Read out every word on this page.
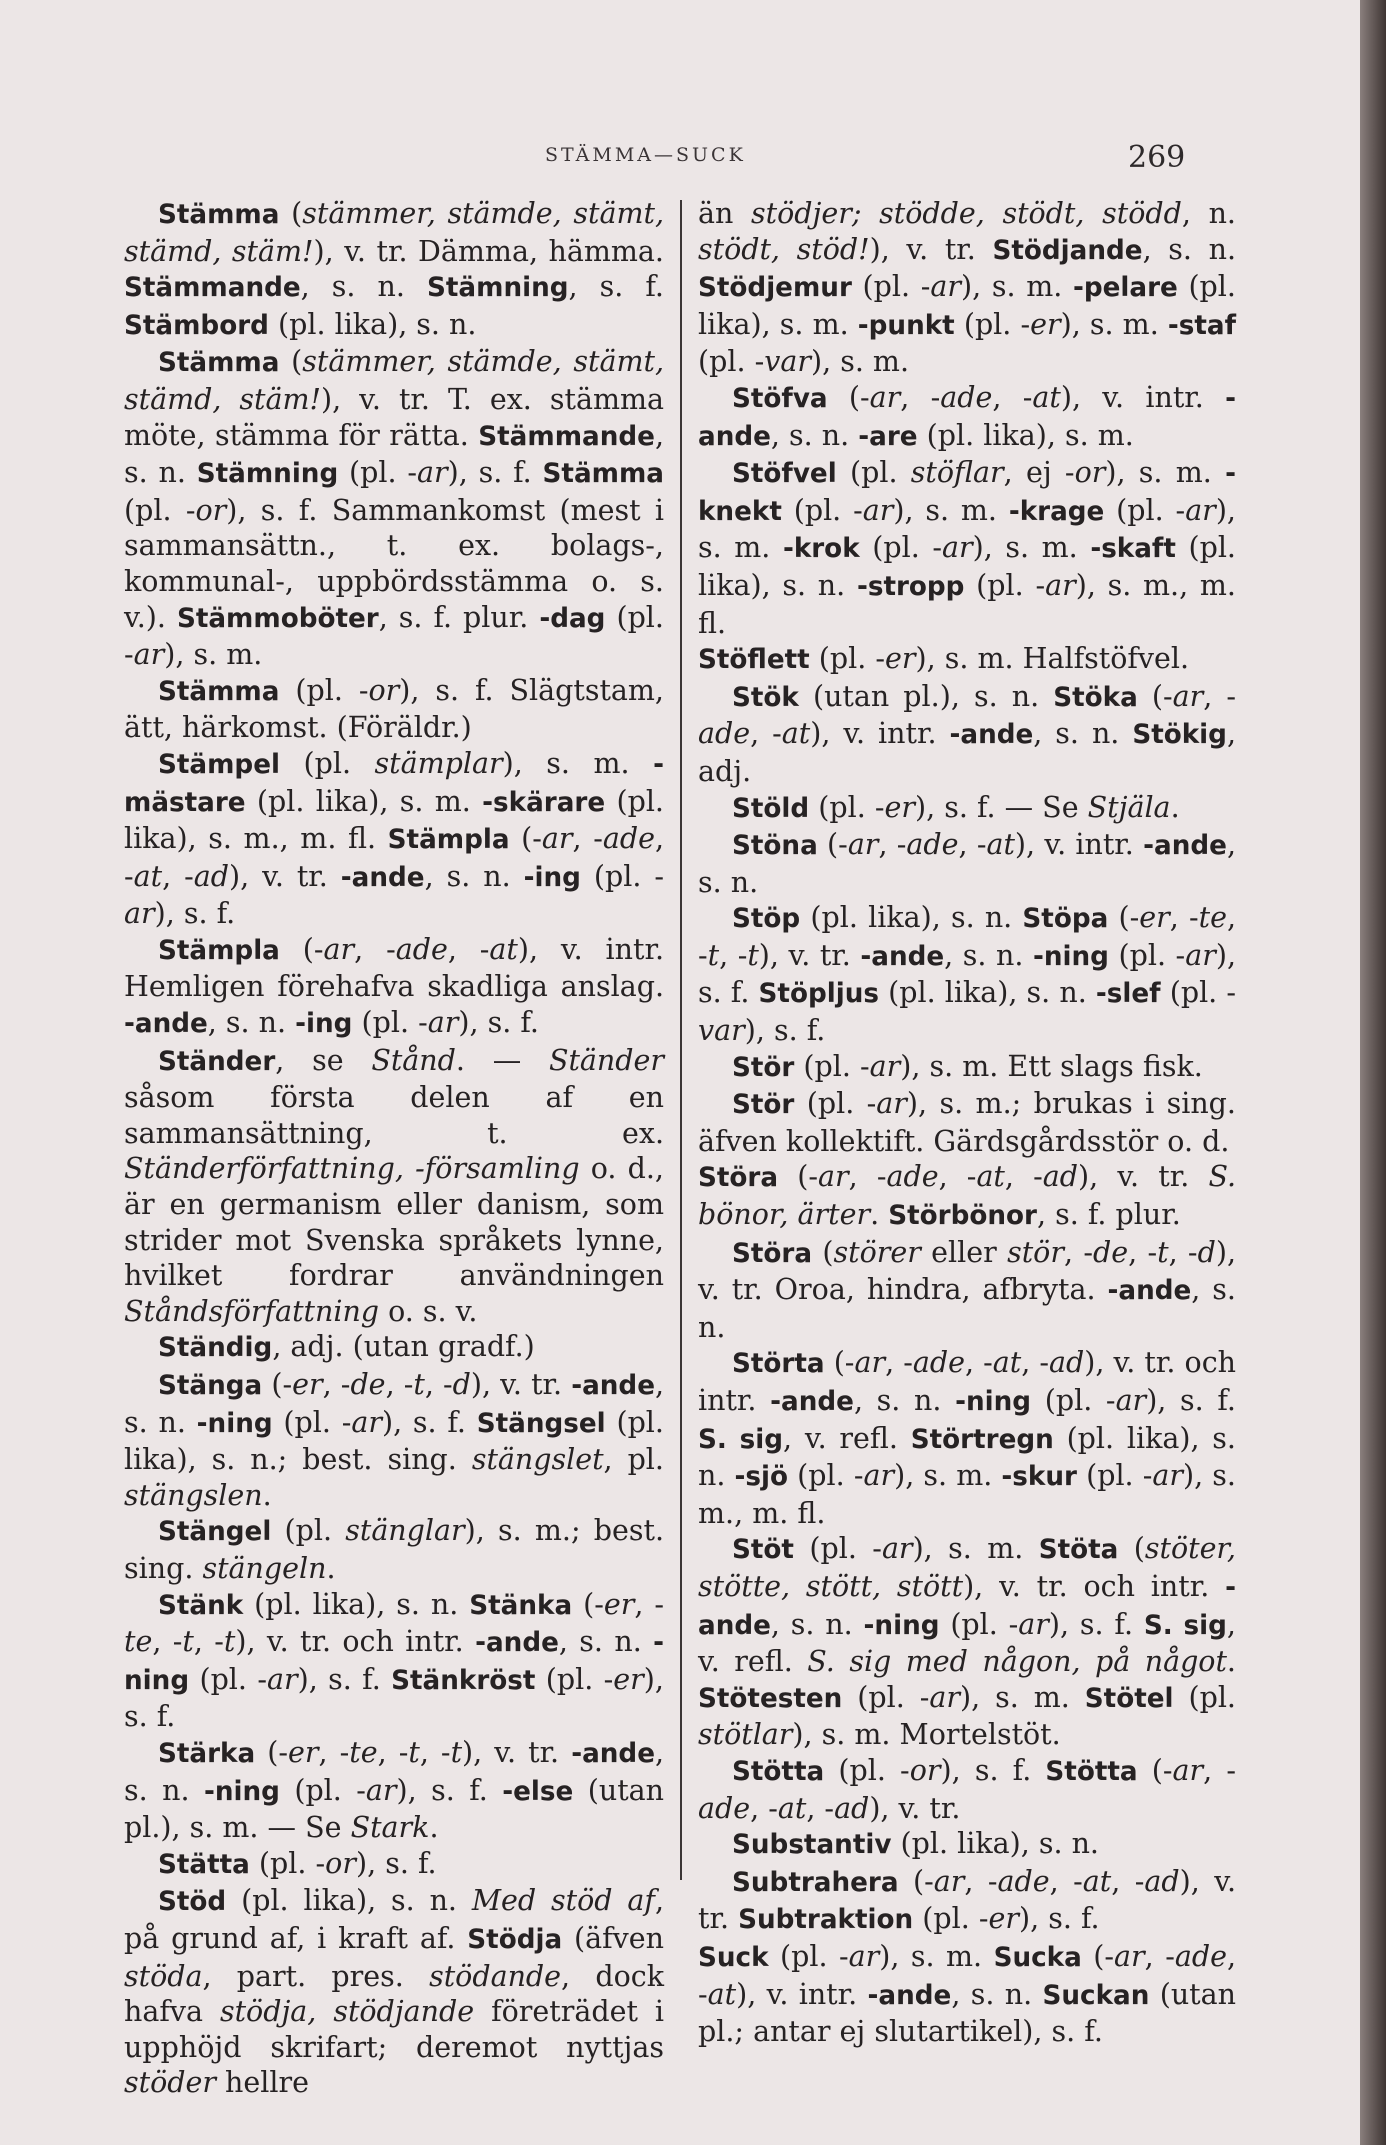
STÄMMA—SUCK	269

Stämma (stämmer, stämde, stämt, stämd, stäm!), v. tr. Dämma, hämma. Stämmande, s. n. Stämning, s. f. Stämbord (pl. lika), s. n.

Stämma (stämmer, stämde, stämt, stämd, stäm!), v. tr. T. ex. stämma möte, stämma för rätta. Stämmande, s. n. Stämning (pl. -ar), s. f. Stämma (pl. -or), s. f. Sammankomst (mest i sammansättn., t. ex. bolags-, kommunal-, uppbördsstämma o. s. v.). Stämmoböter, s. f. plur. -dag (pl. -ar), s. m.

Stämma (pl. -or), s. f. Slägtstam, ätt, härkomst. (Föräldr.)

Stämpel (pl. stämplar), s. m. -mästare (pl. lika), s. m. -skärare (pl. lika), s. m., m. fl. Stämpla (-ar, -ade, -at, -ad), v. tr. -ande, s. n. -ing (pl. -ar), s. f.

Stämpla (-ar, -ade, -at), v. intr. Hemligen förehafva skadliga anslag. -ande, s. n. -ing (pl. -ar), s. f.

Ständer, se Stånd. — Ständer såsom första delen af en sammansättning, t. ex. Ständerförfattning, -församling o. d., är en germanism eller danism, som strider mot Svenska språkets lynne, hvilket fordrar användningen Ståndsförfattning o. s. v.

Ständig, adj. (utan gradf.)

Stänga (-er, -de, -t, -d), v. tr. -ande, s. n. -ning (pl. -ar), s. f. Stängsel (pl. lika), s. n.; best. sing. stängslet, pl. stängslen.

Stängel (pl. stänglar), s. m.; best. sing. stängeln.

Stänk (pl. lika), s. n. Stänka (-er, -te, -t, -t), v. tr. och intr. -ande, s. n. -ning (pl. -ar), s. f. Stänkröst (pl. -er), s. f.

Stärka (-er, -te, -t, -t), v. tr. -ande, s. n. -ning (pl. -ar), s. f. -else (utan pl.), s. m. — Se Stark.

Stätta (pl. -or), s. f.

Stöd (pl. lika), s. n. Med stöd af, på grund af, i kraft af. Stödja (äfven stöda, part. pres. stödande, dock hafva stödja, stödjande företrädet i upphöjd skrifart; deremot nyttjas stöder hellre

än stödjer; stödde, stödt, stödd, n. stödt, stöd!), v. tr. Stödjande, s. n. Stödjemur (pl. -ar), s. m. -pelare (pl. lika), s. m. -punkt (pl. -er), s. m. -staf (pl. -var), s. m.

Stöfva (-ar, -ade, -at), v. intr. -ande, s. n. -are (pl. lika), s. m.

Stöfvel (pl. stöflar, ej -or), s. m. -knekt (pl. -ar), s. m. -krage (pl. -ar), s. m. -krok (pl. -ar), s. m. -skaft (pl. lika), s. n. -stropp (pl. -ar), s. m., m. fl.

Stöflett (pl. -er), s. m. Halfstöfvel.

Stök (utan pl.), s. n. Stöka (-ar, -ade, -at), v. intr. -ande, s. n. Stökig, adj.

Stöld (pl. -er), s. f. — Se Stjäla.

Stöna (-ar, -ade, -at), v. intr. -ande, s. n.

Stöp (pl. lika), s. n. Stöpa (-er, -te, -t, -t), v. tr. -ande, s. n. -ning (pl. -ar), s. f. Stöpljus (pl. lika), s. n. -slef (pl. -var), s. f.

Stör (pl. -ar), s. m. Ett slags fisk.

Stör (pl. -ar), s. m.; brukas i sing. äfven kollektift. Gärdsgårdsstör o. d.

Störa (-ar, -ade, -at, -ad), v. tr. S. bönor, ärter. Störbönor, s. f. plur.

Störa (störer eller stör, -de, -t, -d), v. tr. Oroa, hindra, afbryta. -ande, s. n.

Störta (-ar, -ade, -at, -ad), v. tr. och intr. -ande, s. n. -ning (pl. -ar), s. f. S. sig, v. refl. Störtregn (pl. lika), s. n. -sjö (pl. -ar), s. m. -skur (pl. -ar), s. m., m. fl.

Stöt (pl. -ar), s. m. Stöta (stöter, stötte, stött, stött), v. tr. och intr. -ande, s. n. -ning (pl. -ar), s. f. S. sig, v. refl. S. sig med någon, på något. Stötesten (pl. -ar), s. m. Stötel (pl. stötlar), s. m. Mortelstöt.

Stötta (pl. -or), s. f. Stötta (-ar, -ade, -at, -ad), v. tr.

Substantiv (pl. lika), s. n.

Subtrahera (-ar, -ade, -at, -ad), v. tr. Subtraktion (pl. -er), s. f.

Suck (pl. -ar), s. m. Sucka (-ar, -ade, -at), v. intr. -ande, s. n. Suckan (utan pl.; antar ej slutartikel), s. f.
